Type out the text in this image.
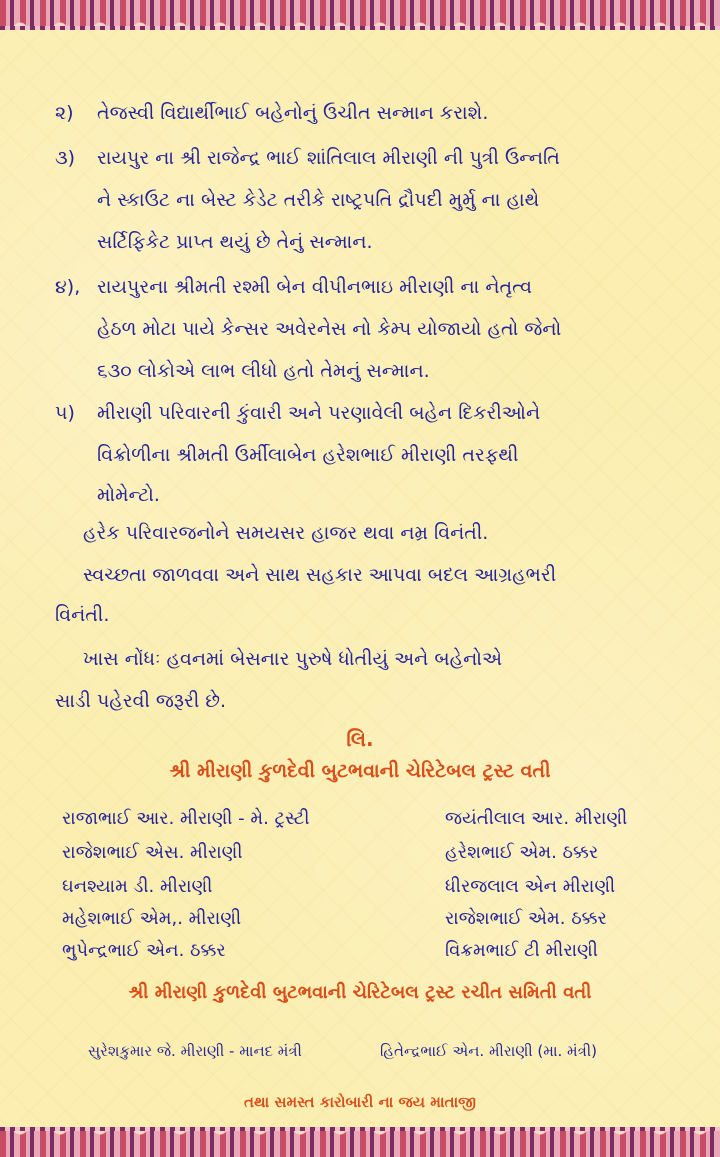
૨) તેજસ્વી વિદ્યાર્થીભાઈ બહેનોનું ઉચીત સન્માન કરાશે.
૩) રાયપુર ના શ્રી રાજેન્દ્ર ભાઈ શાંતિલાલ મીરાણી ની પુત્રી ઉન્નતિ
ને સ્કાઉટ ના બેસ્ટ કેડેટ તરીકે રાષ્ટ્રપતિ દ્રૌપદી મુર્મુ ના હાથે
સર્ટિફિકેટ પ્રાપ્ત થયું છે તેનું સન્માન.
૪), રાયપુરના શ્રીમતી રશ્મી બેન વીપીનભાઇ મીરાણી ના નેતૃત્વ
હેઠળ મોટા પાયે કેન્સર અવેરનેસ નો કેમ્પ યોજાયો હતો જેનો
૬૩૦ લોકોએ લાભ લીધો હતો તેમનું સન્માન.
૫) મીરાણી પરિવારની કુંવારી અને પરણાવેલી બહેન દિકરીઓને
વિક્રોળીના શ્રીમતી ઉર્મીલાબેન હરેશભાઈ મીરાણી તરફથી
મોમેન્ટો.
હરેક પરિવારજનોને સમયસર હાજર થવા નમ્ર વિનંતી.
સ્વચ્છતા જાળવવા અને સાથ સહકાર આપવા બદલ આગ્રહભરી
વિનંતી.
ખાસ નોંધઃ હવનમાં બેસનાર પુરુષે ધોતીયું અને બહેનોએ
સાડી પહેરવી જરૂરી છે.
લિ.
શ્રી મીરાણી કુળદેવી બુટભવાની ચેરિટેબલ ટ્રસ્ટ વતી
રાજાભાઈ આર. મીરાણી - મે. ટ્રસ્ટી
રાજેશભાઈ એસ. મીરાણી
ઘનશ્યામ ડી. મીરાણી
મહેશભાઈ એમ,. મીરાણી
ભુપેન્દ્રભાઈ એન. ઠક્કર
જયંતીલાલ આર. મીરાણી
હરેશભાઈ એમ. ઠક્કર
ધીરજલાલ એન મીરાણી
રાજેશભાઈ એમ. ઠક્કર
વિક્રમભાઈ ટી મીરાણી
શ્રી મીરાણી કુળદેવી બુટભવાની ચેરિટેબલ ટ્રસ્ટ રચીત સમિતી વતી
સુરેશકુમાર જે. મીરાણી - માનદ મંત્રી	હિતેન્દ્રભાઈ એન. મીરાણી (મા. મંત્રી)
તથા સમસ્ત કારોબારી ના જય માતાજી
